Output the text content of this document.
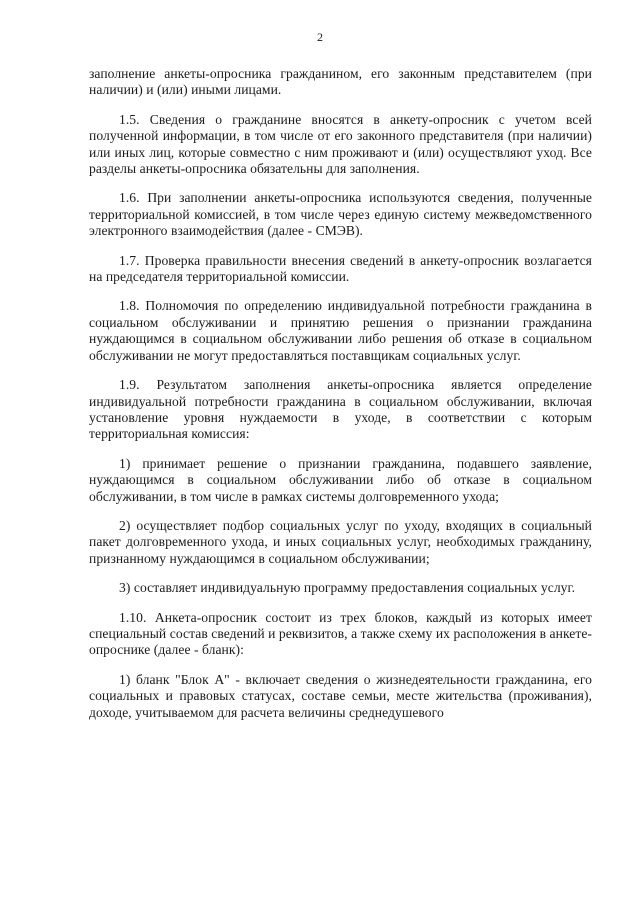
2

заполнение анкеты-опросника гражданином, его законным представителем (при наличии) и (или) иными лицами.

1.5. Сведения о гражданине вносятся в анкету-опросник с учетом всей полученной информации, в том числе от его законного представителя (при наличии) или иных лиц, которые совместно с ним проживают и (или) осуществляют уход. Все разделы анкеты-опросника обязательны для заполнения.

1.6. При заполнении анкеты-опросника используются сведения, полученные территориальной комиссией, в том числе через единую систему межведомственного электронного взаимодействия (далее - СМЭВ).

1.7. Проверка правильности внесения сведений в анкету-опросник возлагается на председателя территориальной комиссии.

1.8. Полномочия по определению индивидуальной потребности гражданина в социальном обслуживании и принятию решения о признании гражданина нуждающимся в социальном обслуживании либо решения об отказе в социальном обслуживании не могут предоставляться поставщикам социальных услуг.

1.9. Результатом заполнения анкеты-опросника является определение индивидуальной потребности гражданина в социальном обслуживании, включая установление уровня нуждаемости в уходе, в соответствии с которым территориальная комиссия:

1) принимает решение о признании гражданина, подавшего заявление, нуждающимся в социальном обслуживании либо об отказе в социальном обслуживании, в том числе в рамках системы долговременного ухода;

2) осуществляет подбор социальных услуг по уходу, входящих в социальный пакет долговременного ухода, и иных социальных услуг, необходимых гражданину, признанному нуждающимся в социальном обслуживании;

3) составляет индивидуальную программу предоставления социальных услуг.

1.10. Анкета-опросник состоит из трех блоков, каждый из которых имеет специальный состав сведений и реквизитов, а также схему их расположения в анкете-опроснике (далее - бланк):

1) бланк "Блок А" - включает сведения о жизнедеятельности гражданина, его социальных и правовых статусах, составе семьи, месте жительства (проживания), доходе, учитываемом для расчета величины среднедушевого
